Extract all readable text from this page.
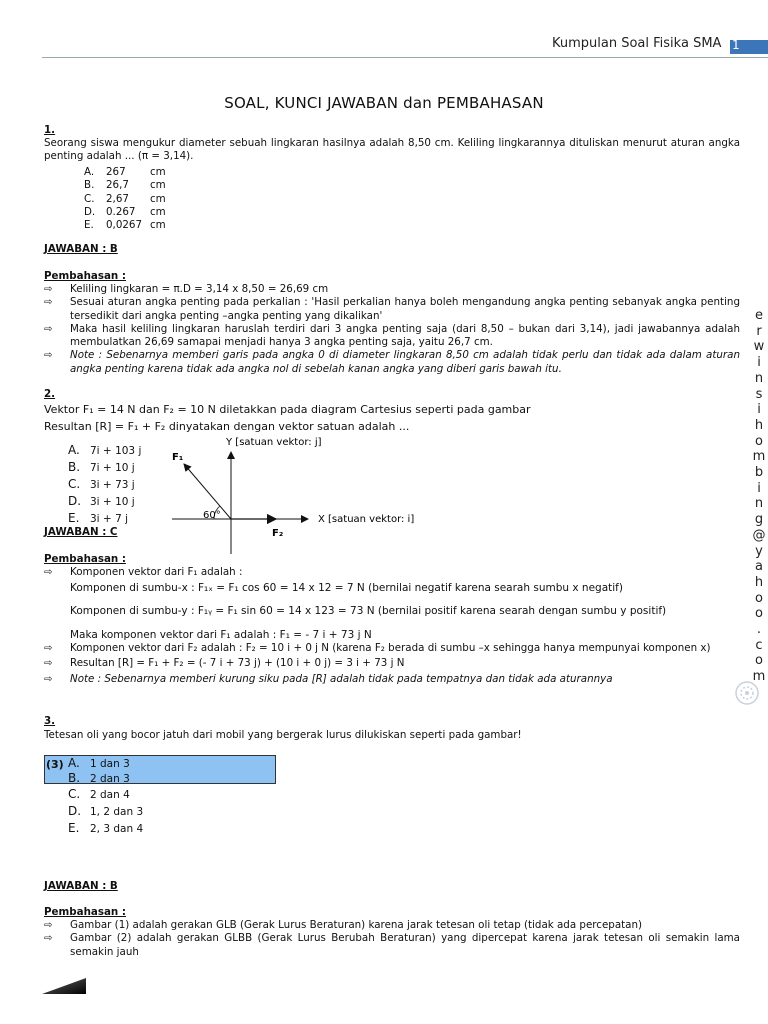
Kumpulan Soal Fisika SMA 1
SOAL, KUNCI JAWABAN dan PEMBAHASAN
e
r
w
i
n
s
i
h
o
m
b
i
n
g
@
y
a
h
o
o
.
c
o
m
1.
Seorang siswa mengukur diameter sebuah lingkaran hasilnya adalah 8,50 cm. Keliling lingkarannya dituliskan menurut aturan angka penting adalah ... (π = 3,14).
A. 267 cm
B. 26,7 cm
C. 2,67 cm
D. 0.267 cm
E. 0,0267 cm
JAWABAN : B
Pembahasan :
⇨	Keliling lingkaran = π.D = 3,14 x 8,50 = 26,69 cm
⇨	Sesuai aturan angka penting pada perkalian : 'Hasil perkalian hanya boleh mengandung angka penting sebanyak angka penting tersedikit dari angka penting –angka penting yang dikalikan'
⇨	Maka hasil keliling lingkaran haruslah terdiri dari 3 angka penting saja (dari 8,50 – bukan dari 3,14), jadi jawabannya adalah membulatkan 26,69 samapai menjadi hanya 3 angka penting saja, yaitu 26,7 cm.
⇨	Note : Sebenarnya memberi garis pada angka 0 di diameter lingkaran 8,50 cm adalah tidak perlu dan tidak ada dalam aturan angka penting karena tidak ada angka nol di sebelah kanan angka yang diberi garis bawah itu.
2.
Vektor F₁ = 14 N dan F₂ = 10 N diletakkan pada diagram Cartesius seperti pada gambar
Resultan [R] = F₁ + F₂ dinyatakan dengan vektor satuan adalah ...
A. 7i + 103 j
B. 7i + 10 j
C. 3i + 73 j
D. 3i + 10 j
E. 3i + 7 j
Y [satuan vektor: j]
X [satuan vektor: i]
F₁
F₂
60°
JAWABAN : C
Pembahasan :
⇨	Komponen vektor dari F₁ adalah :
Komponen di sumbu-x : F₁ₓ = F₁ cos 60 = 14 x 12 = 7 N (bernilai negatif karena searah sumbu x negatif)
Komponen di sumbu-y : F₁ᵧ = F₁ sin 60 = 14 x 123 = 73 N (bernilai positif karena searah dengan sumbu y positif)
Maka komponen vektor dari F₁ adalah : F₁ = - 7 i + 73 j N
⇨	Komponen vektor dari F₂ adalah : F₂ = 10 i + 0 j N (karena F₂ berada di sumbu –x sehingga hanya mempunyai komponen x)
⇨	Resultan [R] = F₁ + F₂ = (- 7 i + 73 j) + (10 i + 0 j) = 3 i + 73 j N
⇨	Note : Sebenarnya memberi kurung siku pada [R] adalah tidak pada tempatnya dan tidak ada aturannya
3.
Tetesan oli yang bocor jatuh dari mobil yang bergerak lurus dilukiskan seperti pada gambar!
(3) A. 1 dan 3
B. 2 dan 3
C. 2 dan 4
D. 1, 2 dan 3
E. 2, 3 dan 4
JAWABAN : B
Pembahasan :
⇨	Gambar (1) adalah gerakan GLB (Gerak Lurus Beraturan) karena jarak tetesan oli tetap (tidak ada percepatan)
⇨	Gambar (2) adalah gerakan GLBB (Gerak Lurus Berubah Beraturan) yang dipercepat karena jarak tetesan oli semakin lama semakin jauh
